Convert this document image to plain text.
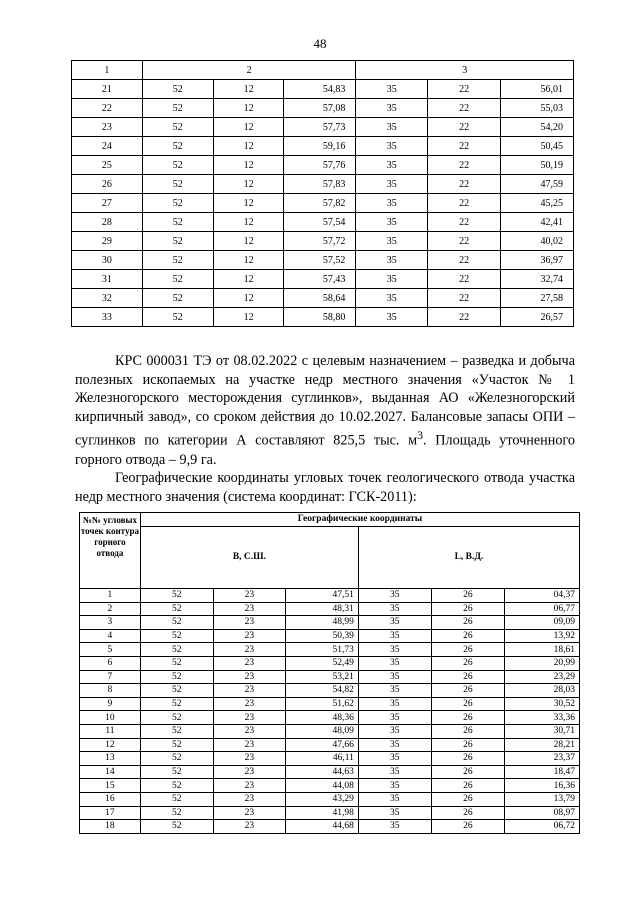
48
1	2			3		
21	52	12	54,83	35	22	56,01
22	52	12	57,08	35	22	55,03
23	52	12	57,73	35	22	54,20
24	52	12	59,16	35	22	50,45
25	52	12	57,76	35	22	50,19
26	52	12	57,83	35	22	47,59
27	52	12	57,82	35	22	45,25
28	52	12	57,54	35	22	42,41
29	52	12	57,72	35	22	40,02
30	52	12	57,52	35	22	36,97
31	52	12	57,43	35	22	32,74
32	52	12	58,64	35	22	27,58
33	52	12	58,80	35	22	26,57

КРС 000031 ТЭ от 08.02.2022 с целевым назначением – разведка и добыча полезных ископаемых на участке недр местного значения «Участок № 1 Железногорского месторождения суглинков», выданная АО «Железногорский кирпичный завод», со сроком действия до 10.02.2027. Балансовые запасы ОПИ – суглинков по категории А составляют 825,5 тыс. $м^3$. Площадь уточненного горного отвода – 9,9 га.

Географические координаты угловых точек геологического отвода участка недр местного значения (система координат: ГСК-2011):

№№ угловых точек контура горного отвода	Географические координаты					
	B, С.Ш.			L, В.Д.		
1	52	23	47,51	35	26	04,37
2	52	23	48,31	35	26	06,77
3	52	23	48,99	35	26	09,09
4	52	23	50,39	35	26	13,92
5	52	23	51,73	35	26	18,61
6	52	23	52,49	35	26	20,99
7	52	23	53,21	35	26	23,29
8	52	23	54,82	35	26	28,03
9	52	23	51,62	35	26	30,52
10	52	23	48,36	35	26	33,36
11	52	23	48,09	35	26	30,71
12	52	23	47,66	35	26	28,21
13	52	23	46,11	35	26	23,37
14	52	23	44,63	35	26	18,47
15	52	23	44,08	35	26	16,36
16	52	23	43,29	35	26	13,79
17	52	23	41,98	35	26	08,97
18	52	23	44,68	35	26	06,72
